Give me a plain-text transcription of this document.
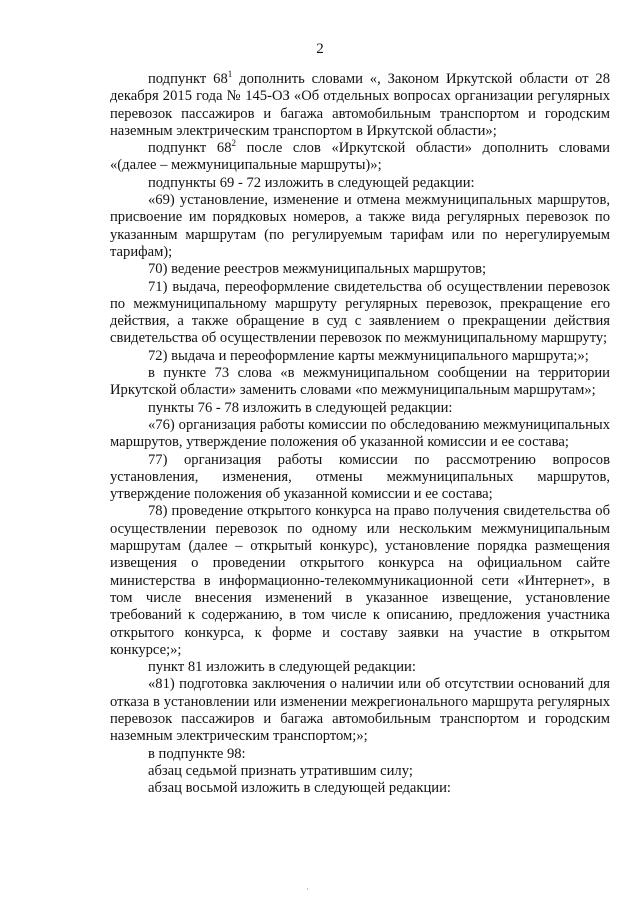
2

подпункт $68^1$ дополнить словами «, Законом Иркутской области от 28 декабря 2015 года № 145-ОЗ «Об отдельных вопросах организации регулярных перевозок пассажиров и багажа автомобильным транспортом и городским наземным электрическим транспортом в Иркутской области»;

подпункт $68^2$ после слов «Иркутской области» дополнить словами «(далее – межмуниципальные маршруты)»;

подпункты 69 - 72 изложить в следующей редакции:

«69) установление, изменение и отмена межмуниципальных маршрутов, присвоение им порядковых номеров, а также вида регулярных перевозок по указанным маршрутам (по регулируемым тарифам или по нерегулируемым тарифам);

70) ведение реестров межмуниципальных маршрутов;

71) выдача, переоформление свидетельства об осуществлении перевозок по межмуниципальному маршруту регулярных перевозок, прекращение его действия, а также обращение в суд с заявлением о прекращении действия свидетельства об осуществлении перевозок по межмуниципальному маршруту;

72) выдача и переоформление карты межмуниципального маршрута;»;

в пункте 73 слова «в межмуниципальном сообщении на территории Иркутской области» заменить словами «по межмуниципальным маршрутам»;

пункты 76 - 78 изложить в следующей редакции:

«76) организация работы комиссии по обследованию межмуниципальных маршрутов, утверждение положения об указанной комиссии и ее состава;

77) организация работы комиссии по рассмотрению вопросов установления, изменения, отмены межмуниципальных маршрутов, утверждение положения об указанной комиссии и ее состава;

78) проведение открытого конкурса на право получения свидетельства об осуществлении перевозок по одному или нескольким межмуниципальным маршрутам (далее – открытый конкурс), установление порядка размещения извещения о проведении открытого конкурса на официальном сайте министерства в информационно-телекоммуникационной сети «Интернет», в том числе внесения изменений в указанное извещение, установление требований к содержанию, в том числе к описанию, предложения участника открытого конкурса, к форме и составу заявки на участие в открытом конкурсе;»;

пункт 81 изложить в следующей редакции:

«81) подготовка заключения о наличии или об отсутствии оснований для отказа в установлении или изменении межрегионального маршрута регулярных перевозок пассажиров и багажа автомобильным транспортом и городским наземным электрическим транспортом;»;

в подпункте 98:

абзац седьмой признать утратившим силу;

абзац восьмой изложить в следующей редакции:

·
